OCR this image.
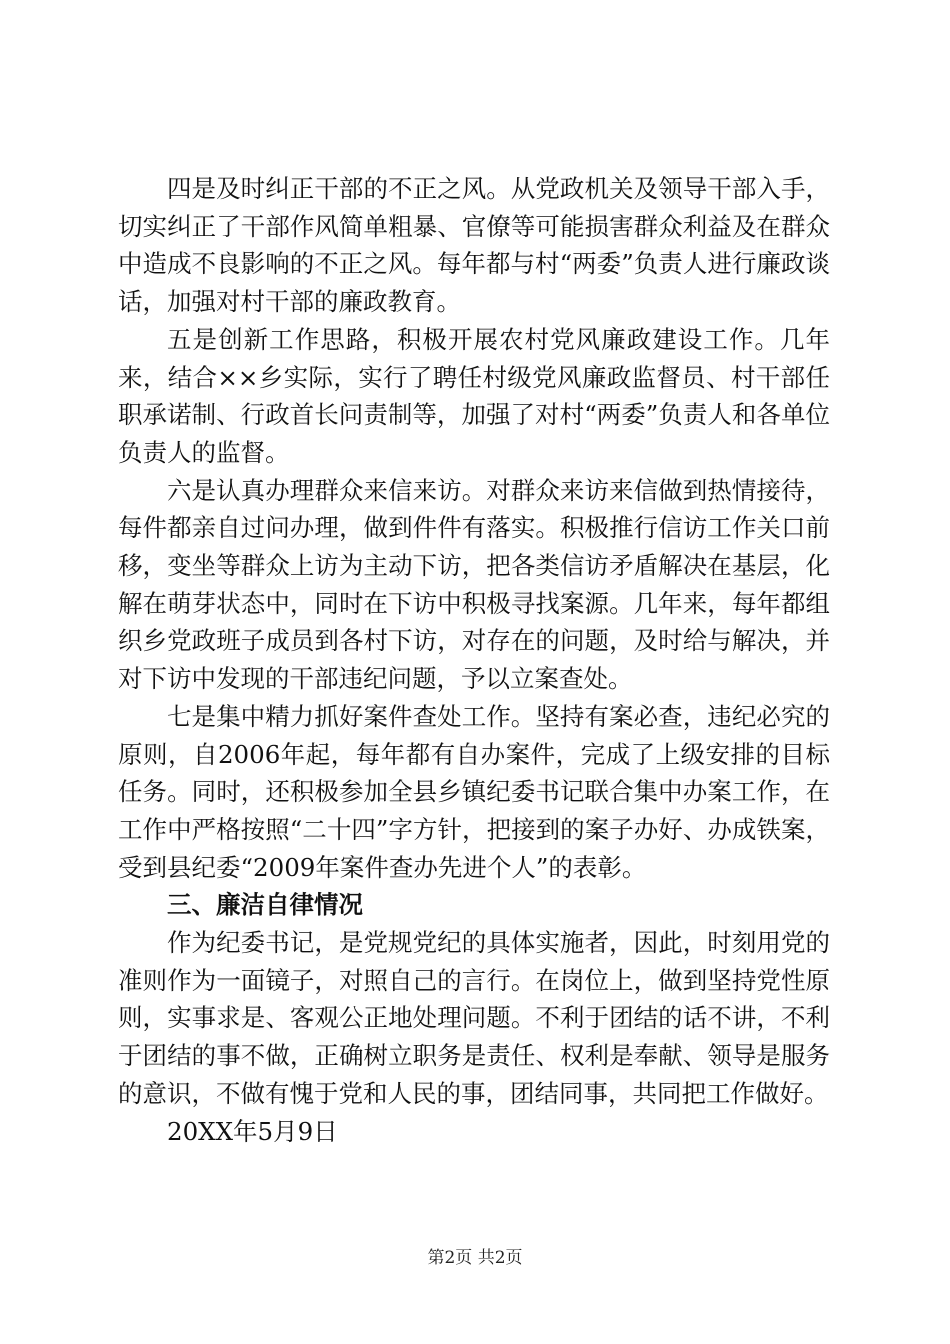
四是及时纠正干部的不正之风。从党政机关及领导干部入手，切实纠正了干部作风简单粗暴、官僚等可能损害群众利益及在群众中造成不良影响的不正之风。每年都与村“两委”负责人进行廉政谈话，加强对村干部的廉政教育。

五是创新工作思路，积极开展农村党风廉政建设工作。几年来，结合××乡实际，实行了聘任村级党风廉政监督员、村干部任职承诺制、行政首长问责制等，加强了对村“两委”负责人和各单位负责人的监督。

六是认真办理群众来信来访。对群众来访来信做到热情接待，每件都亲自过问办理，做到件件有落实。积极推行信访工作关口前移，变坐等群众上访为主动下访，把各类信访矛盾解决在基层，化解在萌芽状态中，同时在下访中积极寻找案源。几年来，每年都组织乡党政班子成员到各村下访，对存在的问题，及时给与解决，并对下访中发现的干部违纪问题，予以立案查处。

七是集中精力抓好案件查处工作。坚持有案必查，违纪必究的原则，自2006年起，每年都有自办案件，完成了上级安排的目标任务。同时，还积极参加全县乡镇纪委书记联合集中办案工作，在工作中严格按照“二十四”字方针，把接到的案子办好、办成铁案，受到县纪委“2009年案件查办先进个人”的表彰。

三、廉洁自律情况

作为纪委书记，是党规党纪的具体实施者，因此，时刻用党的准则作为一面镜子，对照自己的言行。在岗位上，做到坚持党性原则，实事求是、客观公正地处理问题。不利于团结的话不讲，不利于团结的事不做，正确树立职务是责任、权利是奉献、领导是服务的意识，不做有愧于党和人民的事，团结同事，共同把工作做好。

20XX年5月9日

第2页 共2页
